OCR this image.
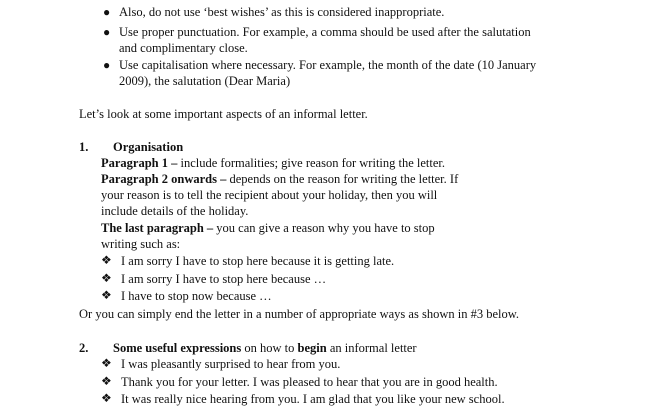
● Also, do not use ‘best wishes’ as this is considered inappropriate.
● Use proper punctuation. For example, a comma should be used after the salutation
and complimentary close.
● Use capitalisation where necessary. For example, the month of the date (10 January
2009), the salutation (Dear Maria)
Let’s look at some important aspects of an informal letter.
1. Organisation
Paragraph 1 – include formalities; give reason for writing the letter.
Paragraph 2 onwards – depends on the reason for writing the letter. If
your reason is to tell the recipient about your holiday, then you will
include details of the holiday.
The last paragraph – you can give a reason why you have to stop
writing such as:
❖ I am sorry I have to stop here because it is getting late.
❖ I am sorry I have to stop here because …
❖ I have to stop now because …
Or you can simply end the letter in a number of appropriate ways as shown in #3 below.
2. Some useful expressions on how to begin an informal letter
❖ I was pleasantly surprised to hear from you.
❖ Thank you for your letter. I was pleased to hear that you are in good health.
❖ It was really nice hearing from you. I am glad that you like your new school.
